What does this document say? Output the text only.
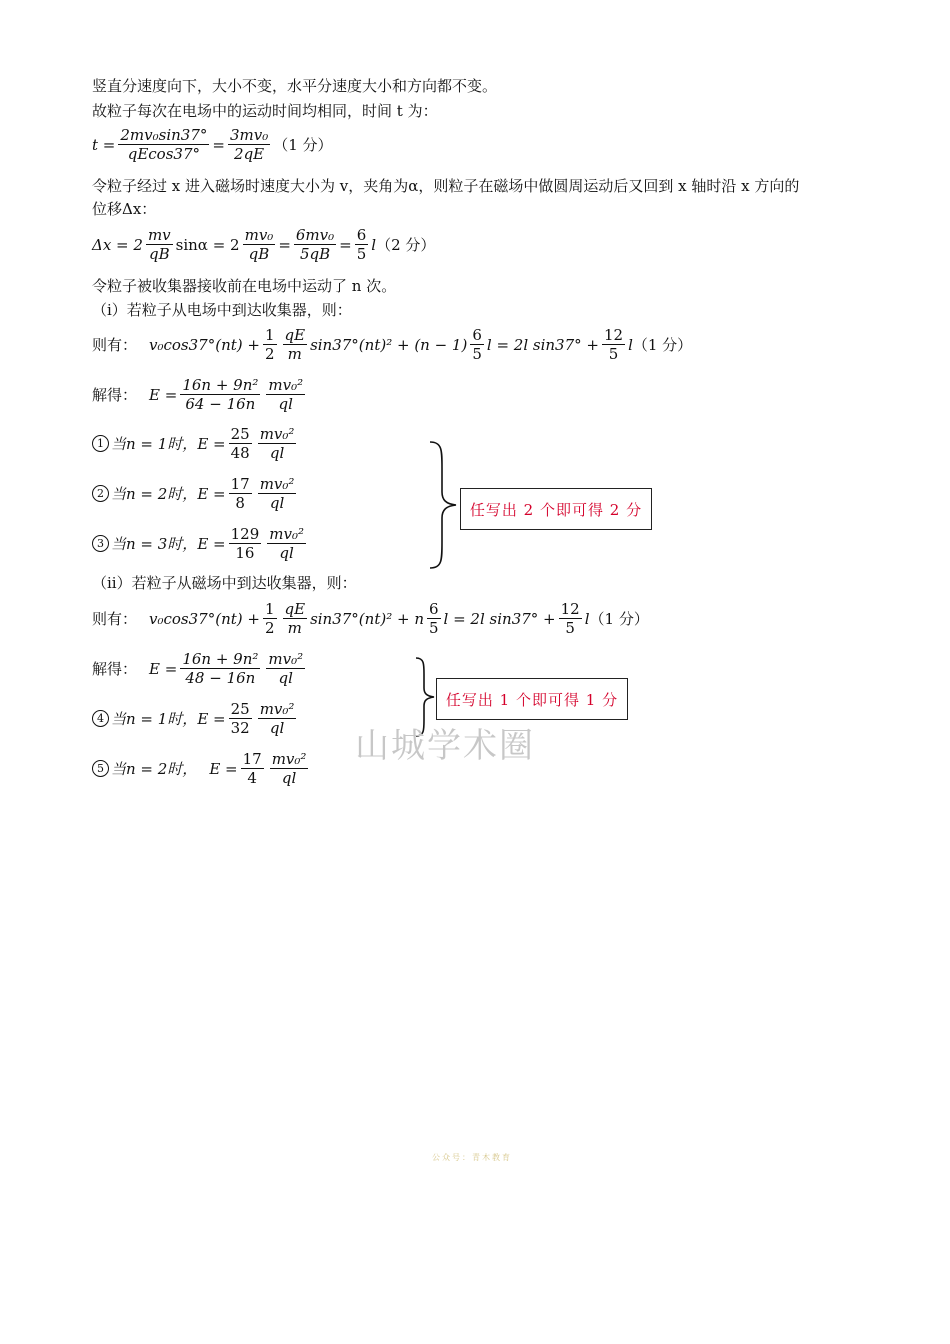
竖直分速度向下，大小不变，水平分速度大小和方向都不变。
故粒子每次在电场中的运动时间均相同，时间 t 为：
$t = \frac{\text{2mv₀sin37°}}{qEcos37^\circ} = \frac{\text{3mv₀}}{2qE} (1$ 分）
令粒子经过 x 进入磁场时速度大小为 v，夹角为α，则粒子在磁场中做圆周运动后又回到 x 轴时沿 x 方向的
位移Δx：
$\Delta x = 2 \frac{mv}{qB}$ $\sin\alpha = 2 \frac{\text{mv₀}}{qB} = \frac{\text{6mv₀}}{5qB} = \frac{6}{5}$ l （2 分）
令粒子被收集器接收前在电场中运动了 n 次。
（i）若粒子从电场中到达收集器，则：
则有： $v_0\cos 37^\circ(nt) + \frac{1}{2} \frac{qE}{m} \sin 37^\circ(nt)^2 + (n - 1) \frac{6}{5}$ l = 2l $\sin 37^\circ + \frac{12}{5}$ l （1 分）
解得： $E = \frac{\text{16n + 9n²}}{64 - 16n} \frac{\text{mv₀²}}{ql}$
1 当n = 1时， $E = \frac{25}{48} \frac{\text{mv₀²}}{ql}$
2 当n = 2时， $E = \frac{17}{8} \frac{\text{mv₀²}}{ql}$
3 当n = 3时， $E = \frac{129}{16} \frac{\text{mv₀²}}{ql}$
任写出 2 个即可得 2 分
（ii）若粒子从磁场中到达收集器，则：
则有： $v_0\cos 37^\circ(nt) + \frac{1}{2} \frac{qE}{m} \sin 37^\circ(nt)^2 + n \frac{6}{5}$ l = 2l $\sin 37^\circ + \frac{12}{5}$ l （1 分）
解得： $E = \frac{\text{16n + 9n²}}{48 - 16n} \frac{\text{mv₀²}}{ql}$
4 当n = 1时， $E = \frac{25}{32} \frac{\text{mv₀²}}{ql}$
5 当n = 2时， $E = \frac{17}{4} \frac{\text{mv₀²}}{ql}$
任写出 1 个即可得 1 分
山城学术圈
公众号：青木教育
